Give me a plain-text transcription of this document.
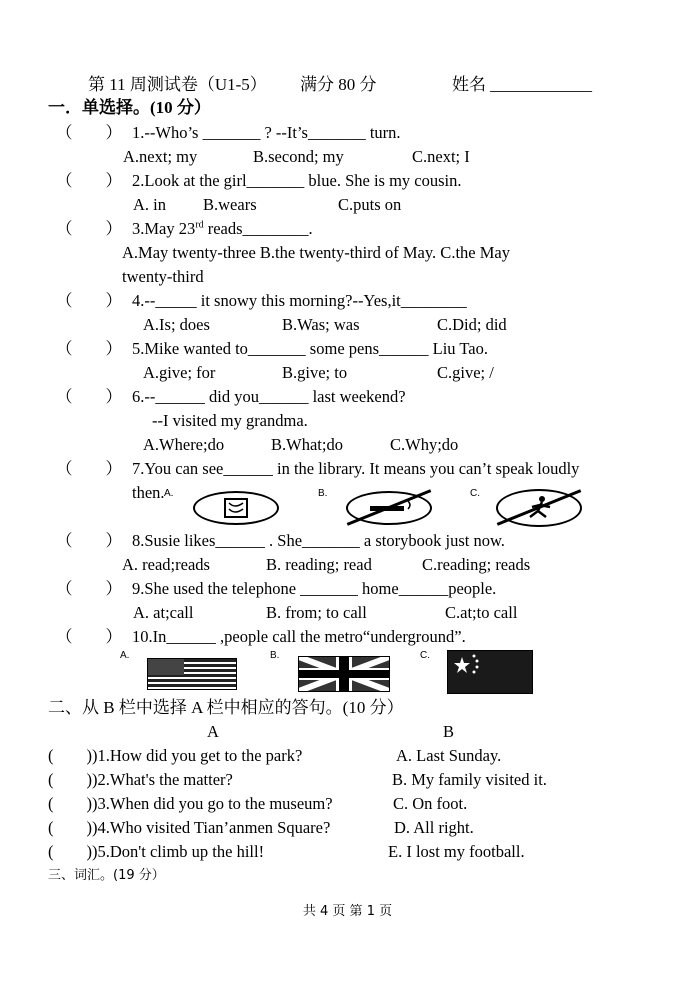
第 11 周测试卷（U1-5） 满分 80 分	姓名 ____________
一．单选择。(10 分）
（　　） 1.--Who’s _______ ? --It’s_______ turn.
A.next; my	B.second; my	C.next; I
（　　） 2.Look at the girl_______ blue. She is my cousin.
A. in B.wears	C.puts on
（　　） 3.May 23rd reads________.
A.May twenty-three B.the twenty-third of May. C.the May
twenty-third
（　　） 4.--_____ it snowy this morning?--Yes,it________
A.Is; does	B.Was; was	C.Did; did
（　　） 5.Mike wanted to_______ some pens______ Liu Tao.
A.give; for	B.give; to	C.give; /
（　　） 6.--______ did you______ last weekend?
--I visited my grandma.
A.Where;do	B.What;do	C.Why;do
（　　） 7.You can see______ in the library. It means you can’t speak loudly
then. A.	B.	C.
（　　） 8.Susie likes______ . She_______ a storybook just now.
A. read;reads	B. reading; read	C.reading; reads
（　　） 9.She used the telephone _______ home______people.
A. at;call	B. from; to call	C.at;to call
（　　） 10.In______ ,people call the metro“underground”.
A.	B.	C.
二、从 B 栏中选择 A 栏中相应的答句。(10 分）
A	B
(　　) )1.How did you get to the park?	A. Last Sunday.
(　　) )2.What's the matter?	B. My family visited it.
(　　) )3.When did you go to the museum?	C. On foot.
(　　) )4.Who visited Tian’anmen Square?	D. All right.
(　　) )5.Don't climb up the hill!	E. I lost my football.
三、词汇。(19 分）
共 4 页 第 1 页
